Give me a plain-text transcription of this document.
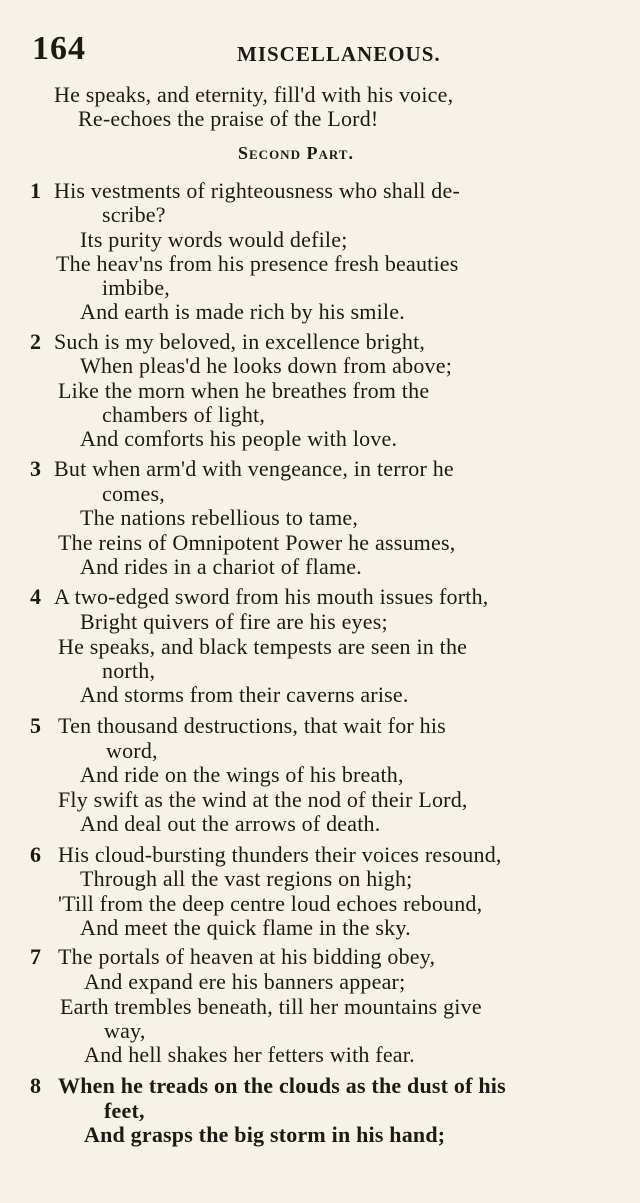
164	MISCELLANEOUS.
He speaks, and eternity, fill'd with his voice,
Re-echoes the praise of the Lord!
Second Part.
1 His vestments of righteousness who shall de-
scribe?
Its purity words would defile;
The heav'ns from his presence fresh beauties
imbibe,
And earth is made rich by his smile.
2 Such is my beloved, in excellence bright,
When pleas'd he looks down from above;
Like the morn when he breathes from the
chambers of light,
And comforts his people with love.
3 But when arm'd with vengeance, in terror he
comes,
The nations rebellious to tame,
The reins of Omnipotent Power he assumes,
And rides in a chariot of flame.
4 A two-edged sword from his mouth issues forth,
Bright quivers of fire are his eyes;
He speaks, and black tempests are seen in the
north,
And storms from their caverns arise.
5 Ten thousand destructions, that wait for his
word,
And ride on the wings of his breath,
Fly swift as the wind at the nod of their Lord,
And deal out the arrows of death.
6 His cloud-bursting thunders their voices resound,
Through all the vast regions on high;
'Till from the deep centre loud echoes rebound,
And meet the quick flame in the sky.
7 The portals of heaven at his bidding obey,
And expand ere his banners appear;
Earth trembles beneath, till her mountains give
way,
And hell shakes her fetters with fear.
8 When he treads on the clouds as the dust of his
feet,
And grasps the big storm in his hand;
